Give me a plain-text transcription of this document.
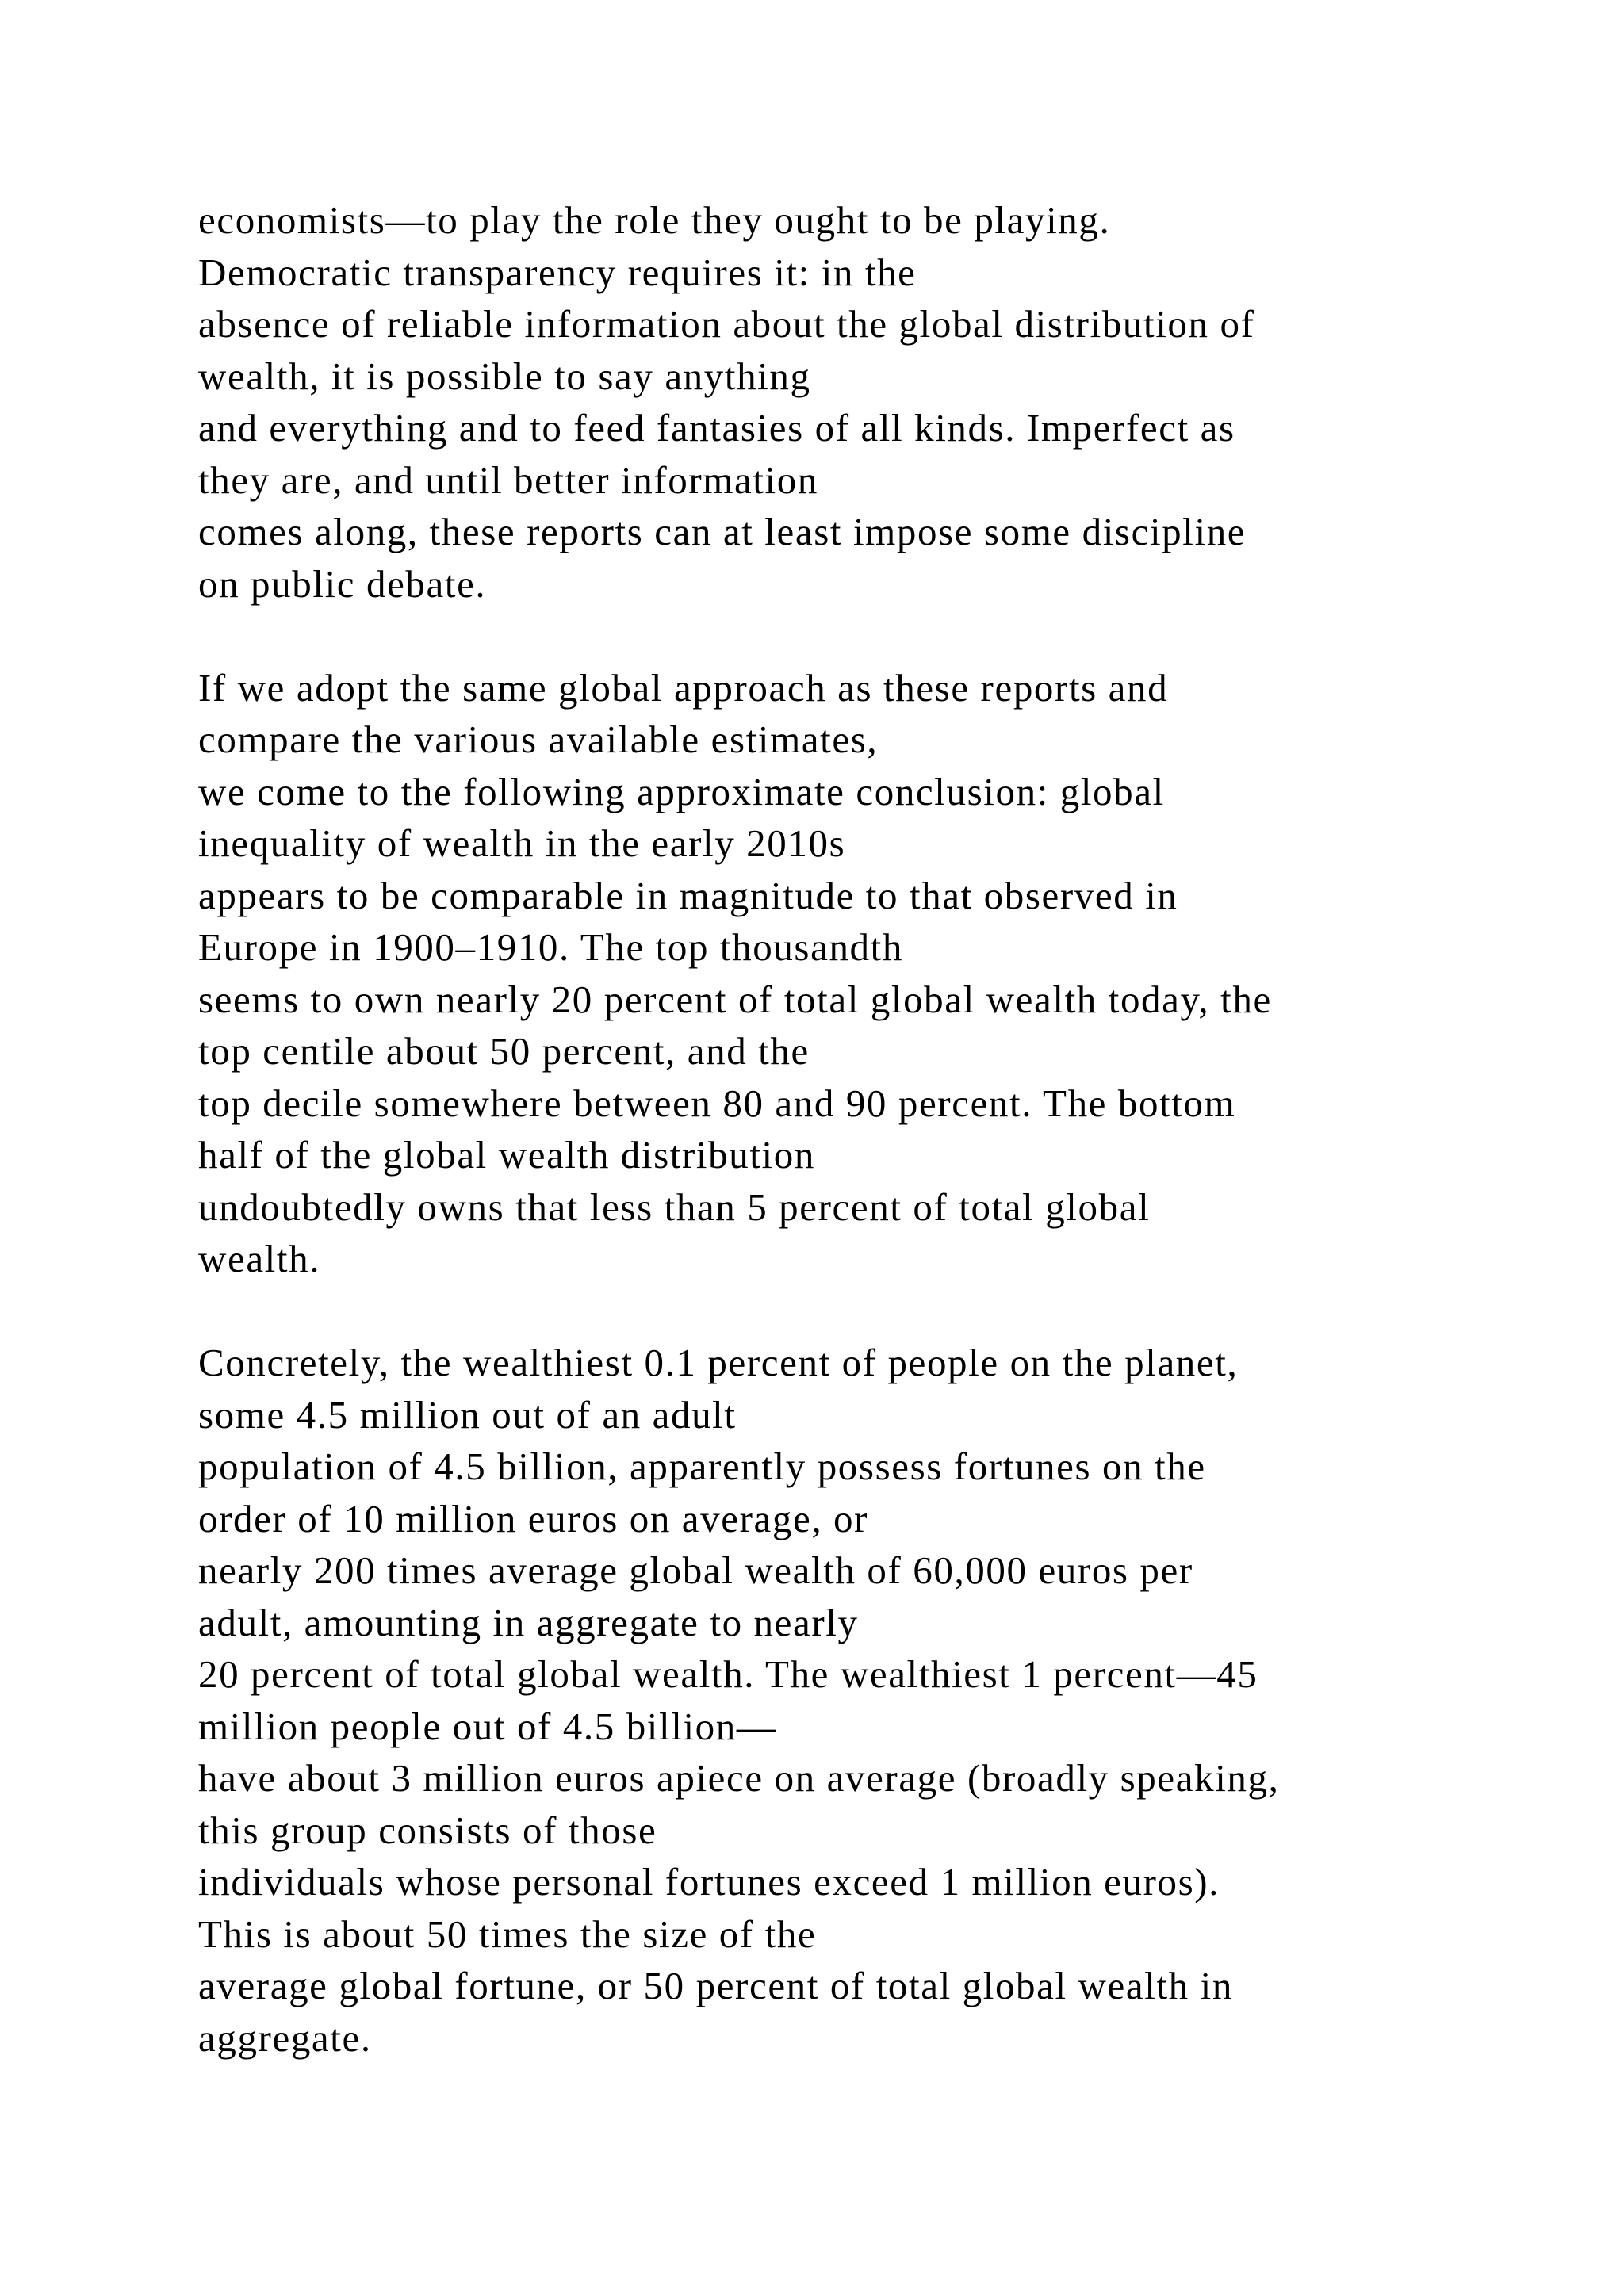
economists—to play the role they ought to be playing.
Democratic transparency requires it: in the
absence of reliable information about the global distribution of
wealth, it is possible to say anything
and everything and to feed fantasies of all kinds. Imperfect as
they are, and until better information
comes along, these reports can at least impose some discipline
on public debate.
If we adopt the same global approach as these reports and
compare the various available estimates,
we come to the following approximate conclusion: global
inequality of wealth in the early 2010s
appears to be comparable in magnitude to that observed in
Europe in 1900–1910. The top thousandth
seems to own nearly 20 percent of total global wealth today, the
top centile about 50 percent, and the
top decile somewhere between 80 and 90 percent. The bottom
half of the global wealth distribution
undoubtedly owns that less than 5 percent of total global
wealth.
Concretely, the wealthiest 0.1 percent of people on the planet,
some 4.5 million out of an adult
population of 4.5 billion, apparently possess fortunes on the
order of 10 million euros on average, or
nearly 200 times average global wealth of 60,000 euros per
adult, amounting in aggregate to nearly
20 percent of total global wealth. The wealthiest 1 percent—45
million people out of 4.5 billion—
have about 3 million euros apiece on average (broadly speaking,
this group consists of those
individuals whose personal fortunes exceed 1 million euros).
This is about 50 times the size of the
average global fortune, or 50 percent of total global wealth in
aggregate.
